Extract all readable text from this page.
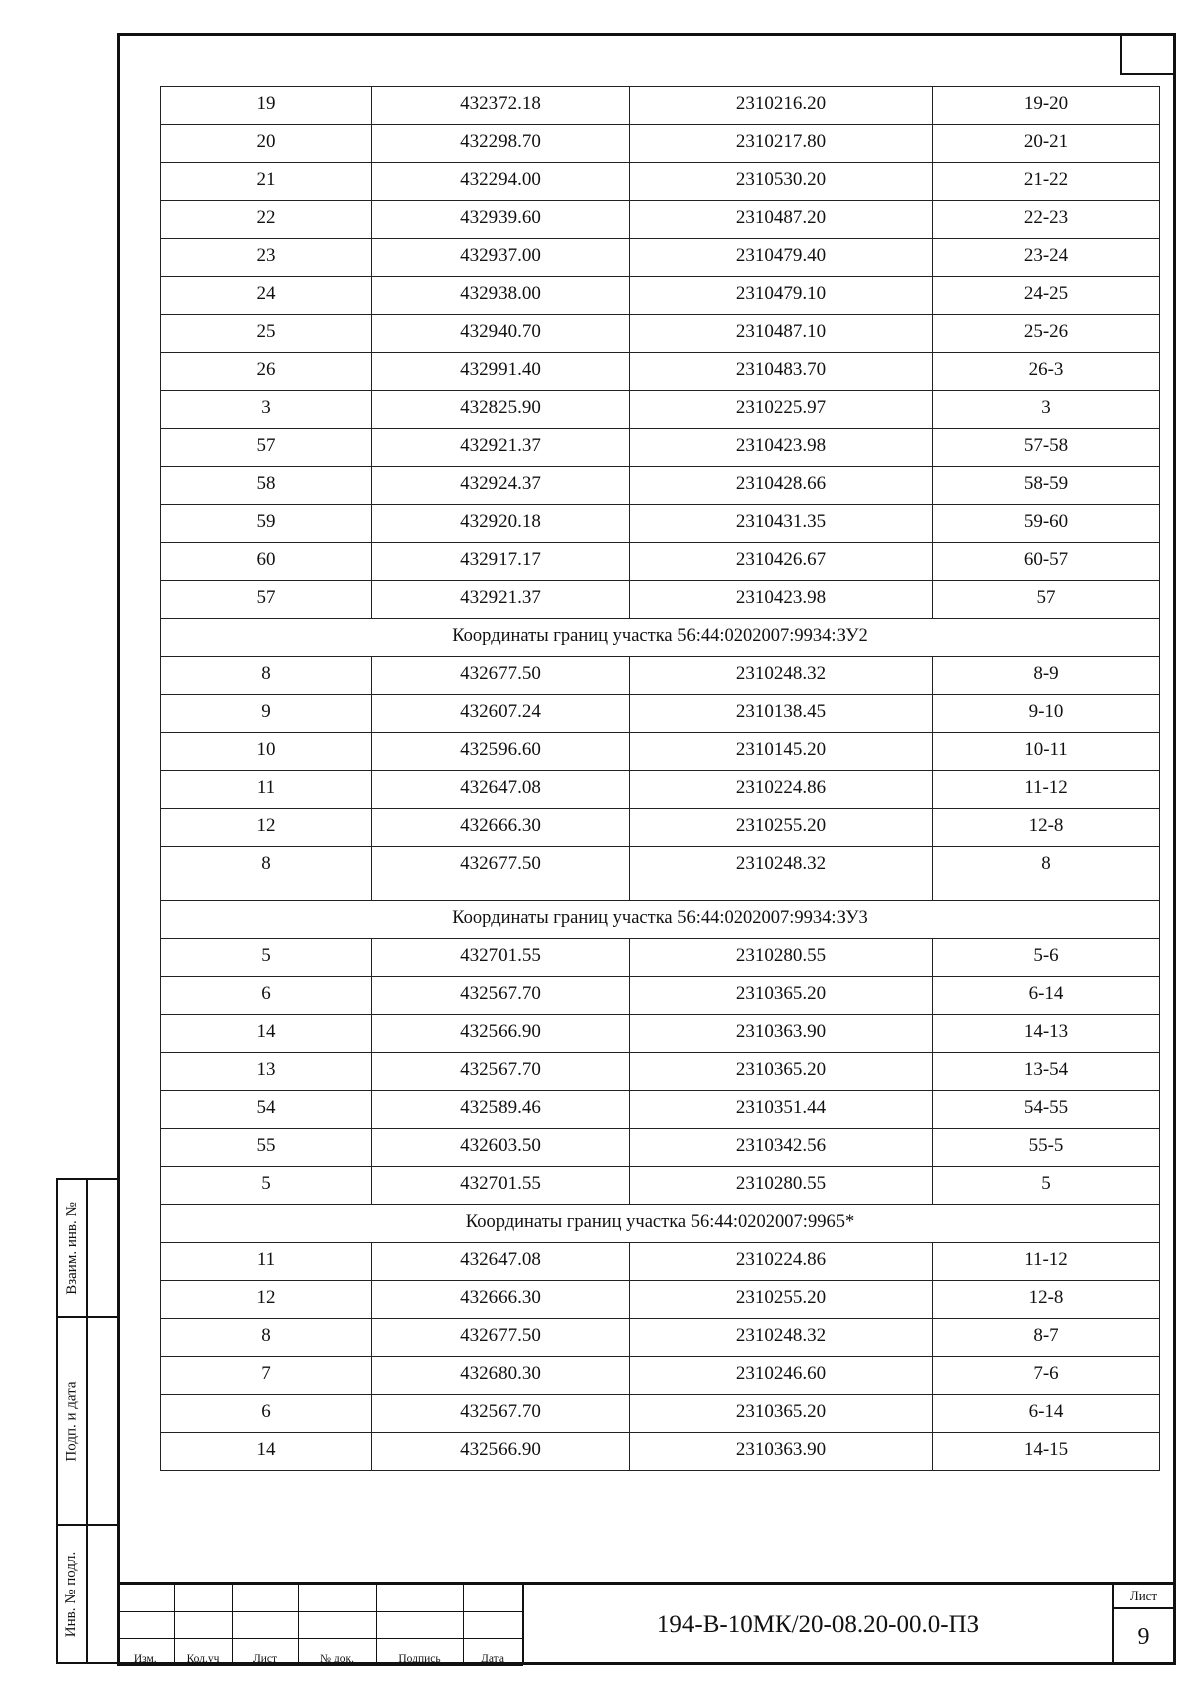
19	432372.18	2310216.20	19-20
20	432298.70	2310217.80	20-21
21	432294.00	2310530.20	21-22
22	432939.60	2310487.20	22-23
23	432937.00	2310479.40	23-24
24	432938.00	2310479.10	24-25
25	432940.70	2310487.10	25-26
26	432991.40	2310483.70	26-3
3	432825.90	2310225.97	3
57	432921.37	2310423.98	57-58
58	432924.37	2310428.66	58-59
59	432920.18	2310431.35	59-60
60	432917.17	2310426.67	60-57
57	432921.37	2310423.98	57
Координаты границ участка 56:44:0202007:9934:ЗУ2			
8	432677.50	2310248.32	8-9
9	432607.24	2310138.45	9-10
10	432596.60	2310145.20	10-11
11	432647.08	2310224.86	11-12
12	432666.30	2310255.20	12-8
8	432677.50	2310248.32	8
Координаты границ участка 56:44:0202007:9934:ЗУ3			
5	432701.55	2310280.55	5-6
6	432567.70	2310365.20	6-14
14	432566.90	2310363.90	14-13
13	432567.70	2310365.20	13-54
54	432589.46	2310351.44	54-55
55	432603.50	2310342.56	55-5
5	432701.55	2310280.55	5
Координаты границ участка 56:44:0202007:9965*			
11	432647.08	2310224.86	11-12
12	432666.30	2310255.20	12-8
8	432677.50	2310248.32	8-7
7	432680.30	2310246.60	7-6
6	432567.70	2310365.20	6-14
14	432566.90	2310363.90	14-15
Взаим. инв. №
Подп. и дата
Инв. № подл.

Изм.	Кол.уч	Лист	№ док.	Подпись	Дата
194-В-10МК/20-08.20-00.0-ПЗ
Лист
9
